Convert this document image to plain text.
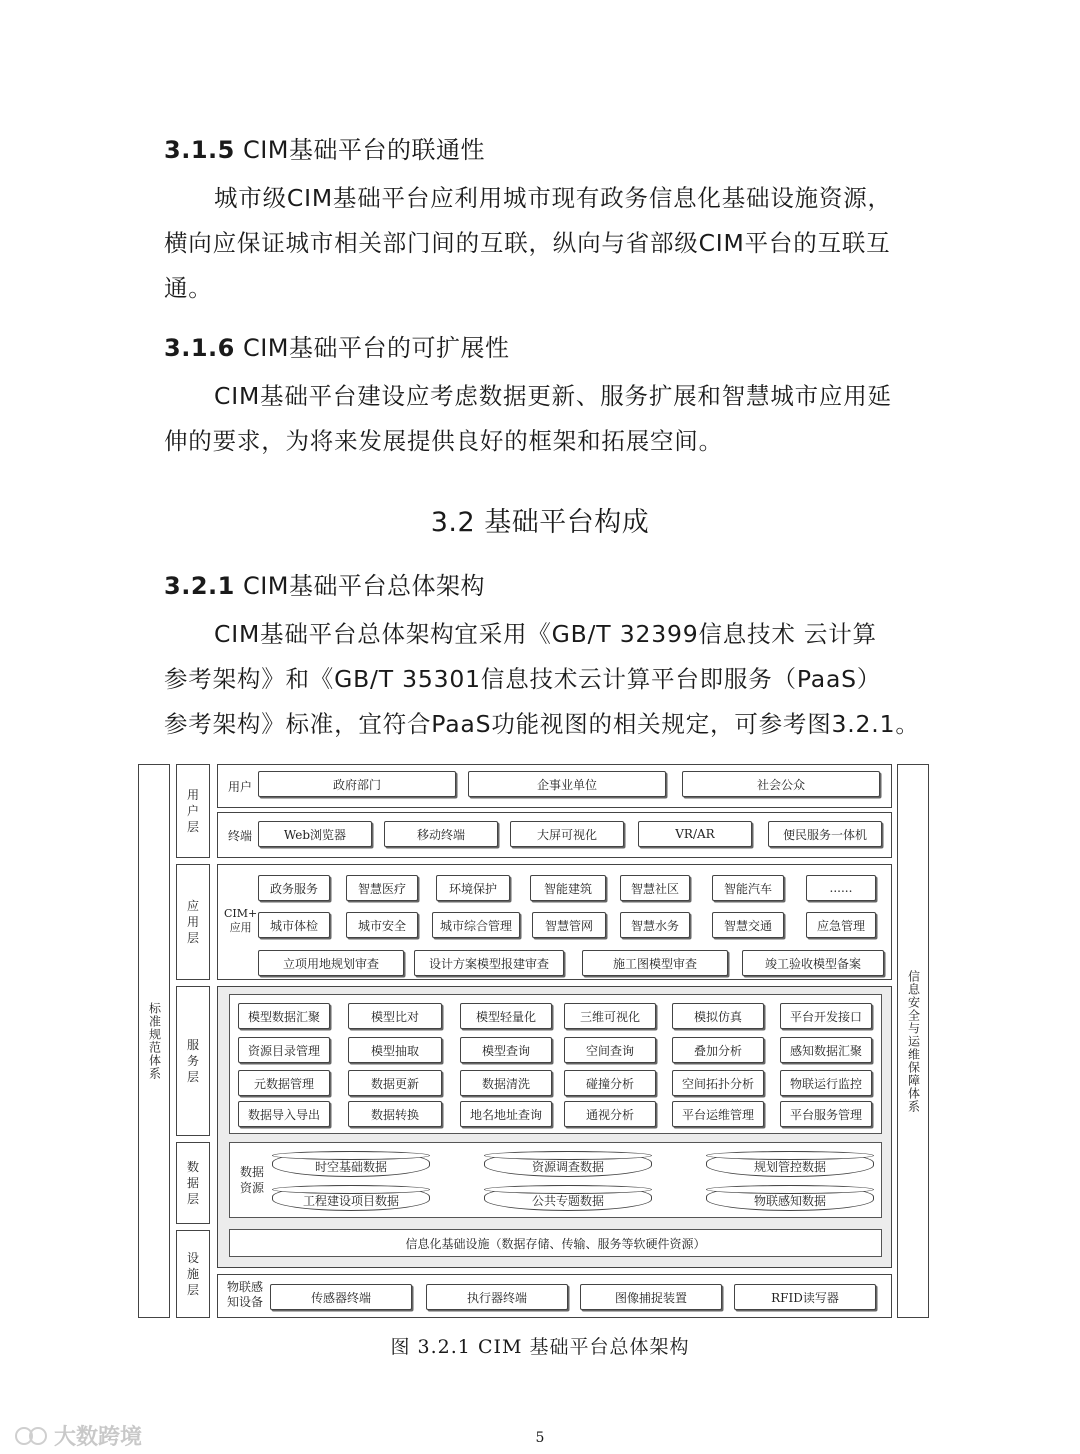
3.1.5 CIM基础平台的联通性
城市级CIM基础平台应利用城市现有政务信息化基础设施资源，
横向应保证城市相关部门间的互联，纵向与省部级CIM平台的互联互
通。
3.1.6 CIM基础平台的可扩展性
CIM基础平台建设应考虑数据更新、服务扩展和智慧城市应用延
伸的要求，为将来发展提供良好的框架和拓展空间。
3.2 基础平台构成
3.2.1 CIM基础平台总体架构
CIM基础平台总体架构宜采用《GB/T 32399信息技术 云计算
参考架构》和《GB/T 35301信息技术云计算平台即服务（PaaS）
参考架构》标准，宜符合PaaS功能视图的相关规定，可参考图3.2.1。
标准规范体系	信息安全与运维保障体系
用户层
应用层
服务层
数据层
设施层
用户	政府部门	企事业单位	社会公众
终端	Web浏览器	移动终端	大屏可视化	VR/AR	便民服务一体机
CIM+
应用
政务服务	智慧医疗	环境保护	智能建筑	智慧社区	智能汽车	......
城市体检	城市安全	城市综合管理	智慧管网	智慧水务	智慧交通	应急管理
立项用地规划审查	设计方案模型报建审查	施工图模型审查	竣工验收模型备案
模型数据汇聚	模型比对	模型轻量化	三维可视化	模拟仿真	平台开发接口
资源目录管理	模型抽取	模型查询	空间查询	叠加分析	感知数据汇聚
元数据管理	数据更新	数据清洗	碰撞分析	空间拓扑分析	物联运行监控
数据导入导出	数据转换	地名地址查询	通视分析	平台运维管理	平台服务管理
数据
资源
时空基础数据	资源调查数据	规划管控数据
工程建设项目数据	公共专题数据	物联感知数据
信息化基础设施（数据存储、传输、服务等软硬件资源）
物联感
知设备	传感器终端	执行器终端	图像捕捉装置	RFID读写器
图 3.2.1 CIM 基础平台总体架构
5
大数跨境
